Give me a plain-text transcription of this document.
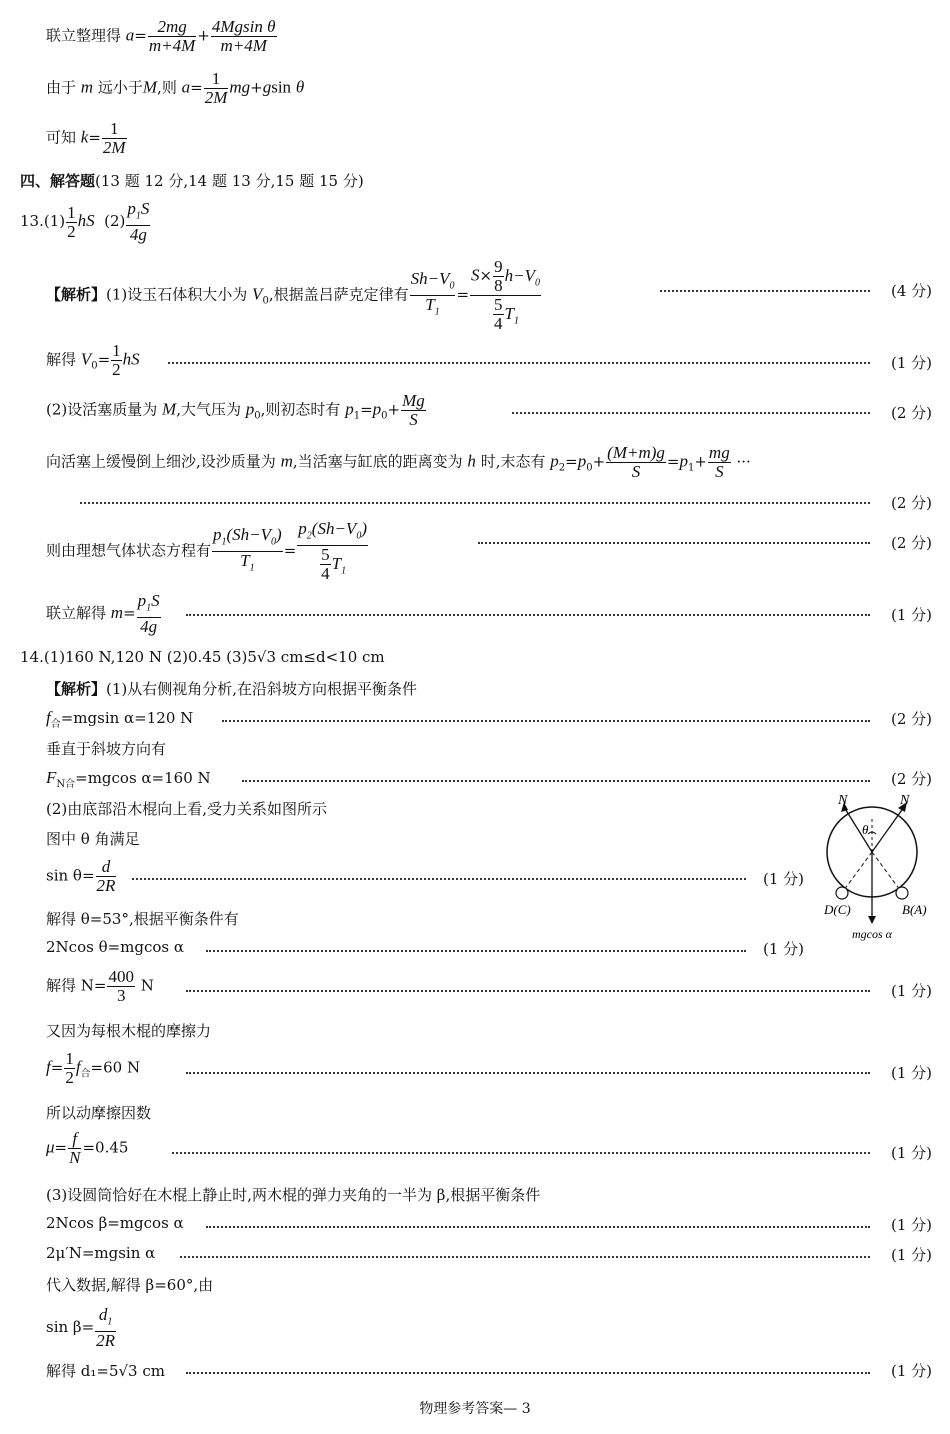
联立整理得 $a= \frac{2mg}{m+4M} + \frac{\text{4Mgsin θ}}{m+4M}$
由于 m 远小于M,则 $a= \frac{1}{2M} mg+gsin$ θ
可知 $k= \frac{1}{2M}$
四、解答题(13 题 12 分,14 题 13 分,15 题 15 分)
$13.(1) \frac{1}{2}$ hS $(2) \frac{p_1S}{4g}$
【解析】(1)设玉石体积大小为 $V_0$,根据盖吕萨克定律有 $\frac{Sh-V_0}{T_1} = \frac{S\times \frac{9}{8} h-V_0}{\frac{5}{4} T_1}$	(4 分)
解得 $V_0= \frac{1}{2}$ hS	(1 分)
(2)设活塞质量为 M,大气压为 $p_0$,则初态时有 $p_1=p_0+ \frac{Mg}{S}$	(2 分)
向活塞上缓慢倒上细沙,设沙质量为 m,当活塞与缸底的距离变为 h 时,末态有 $p_2=p_0+ \frac{(M+m)g}{S} =p_1+ \frac{mg}{S}$ ···
(2 分)
则由理想气体状态方程有 $\frac{p_1(Sh-V_0)}{T_1} = \frac{p_2(Sh-V_0)}{\frac{5}{4} T_1}$	(2 分)
联立解得 $m= \frac{p_1S}{4g}$	(1 分)
14.(1)160 N,120 N (2)0.45 (3)5√3 cm≤d<10 cm
【解析】(1)从右侧视角分析,在沿斜坡方向根据平衡条件
$f_合=mgsin$ α=120 N	(2 分)
垂直于斜坡方向有
$F_{N合}=mgcos$ α=160 N	(2 分)
(2)由底部沿木棍向上看,受力关系如图所示
图中 θ 角满足
$\sin \theta= \frac{d}{2R}$	(1 分)
解得 θ=53°,根据平衡条件有
2Ncos θ=mgcos α	(1 分)
N	N
θ
D(C)	B(A)
mgcos α
解得 $N= \frac{400}{3}$ N	(1 分)
又因为每根木棍的摩擦力
$f= \frac{1}{2} f_合=60$ N	(1 分)
所以动摩擦因数
$\mu= \frac{f}{N} =0.45$	(1 分)
(3)设圆筒恰好在木棍上静止时,两木棍的弹力夹角的一半为 β,根据平衡条件
2Ncos β=mgcos α	(1 分)
2μ′N=mgsin α	(1 分)
代入数据,解得 β=60°,由
$\sin \beta= \frac{d_1}{2R}$
解得 d₁=5√3 cm	(1 分)
物理参考答案— 3
